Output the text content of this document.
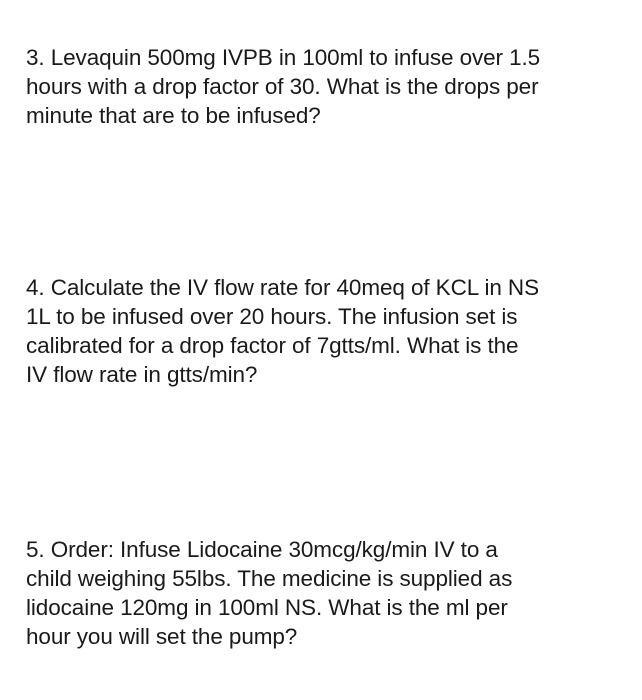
3. Levaquin 500mg IVPB in 100ml to infuse over 1.5
hours with a drop factor of 30. What is the drops per
minute that are to be infused?
4. Calculate the IV flow rate for 40meq of KCL in NS
1L to be infused over 20 hours. The infusion set is
calibrated for a drop factor of 7gtts/ml. What is the
IV flow rate in gtts/min?
5. Order: Infuse Lidocaine 30mcg/kg/min IV to a
child weighing 55lbs. The medicine is supplied as
lidocaine 120mg in 100ml NS. What is the ml per
hour you will set the pump?
